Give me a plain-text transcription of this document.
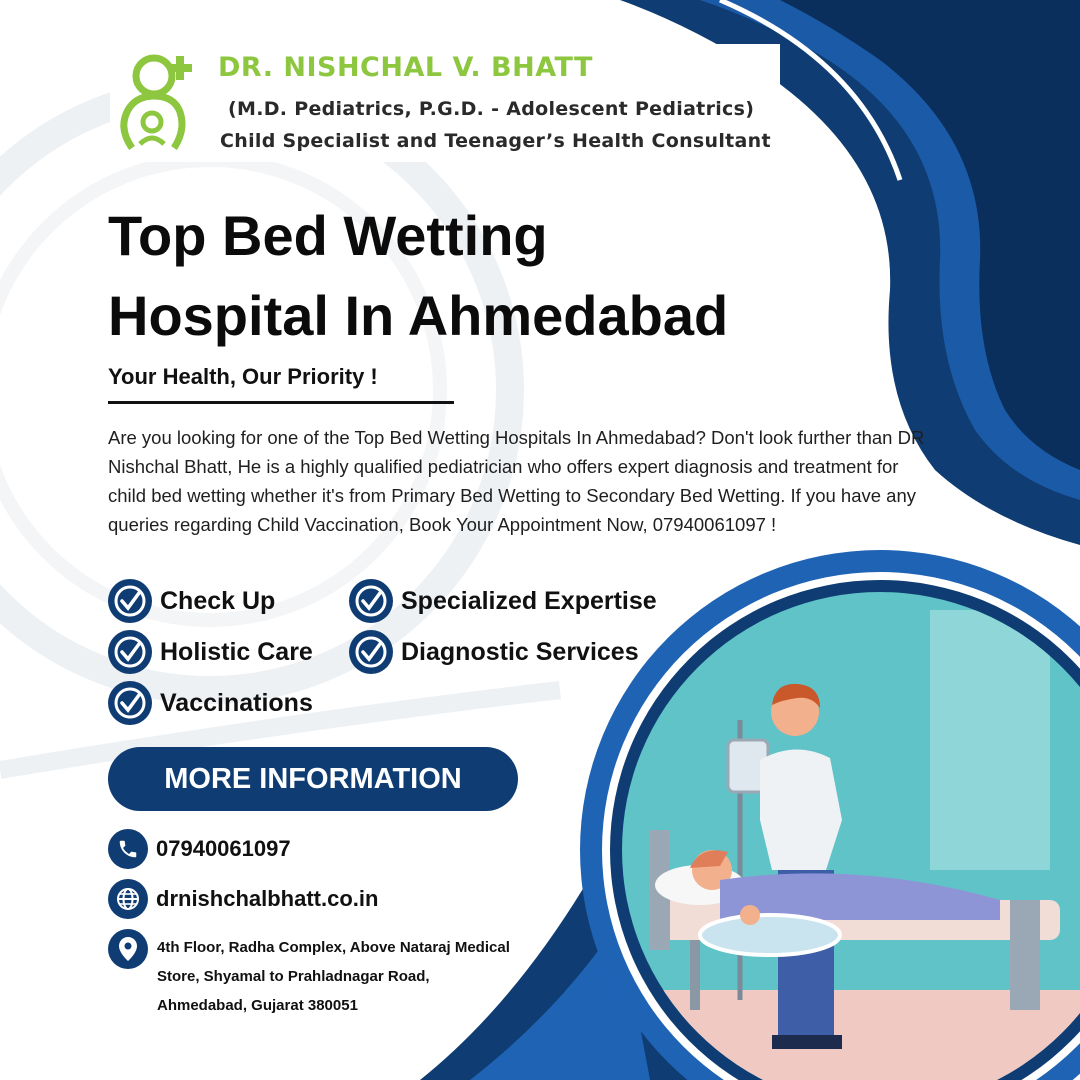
DR. NISHCHAL V. BHATT
(M.D. Pediatrics, P.G.D. - Adolescent Pediatrics)
Child Specialist and Teenager’s Health Consultant
Top Bed Wetting
Hospital In Ahmedabad
Your Health, Our Priority !

Are you looking for one of the Top Bed Wetting Hospitals In Ahmedabad? Don't look further than DR Nishchal Bhatt, He is a highly qualified pediatrician who offers expert diagnosis and treatment for child bed wetting whether it's from Primary Bed Wetting to Secondary Bed Wetting. If you have any queries regarding Child Vaccination, Book Your Appointment Now, 07940061097 !

Check Up	Specialized Expertise
Holistic Care	Diagnostic Services
Vaccinations
MORE INFORMATION
07940061097
drnishchalbhatt.co.in

4th Floor, Radha Complex, Above Nataraj Medical Store, Shyamal to Prahladnagar Road, Ahmedabad, Gujarat 380051
